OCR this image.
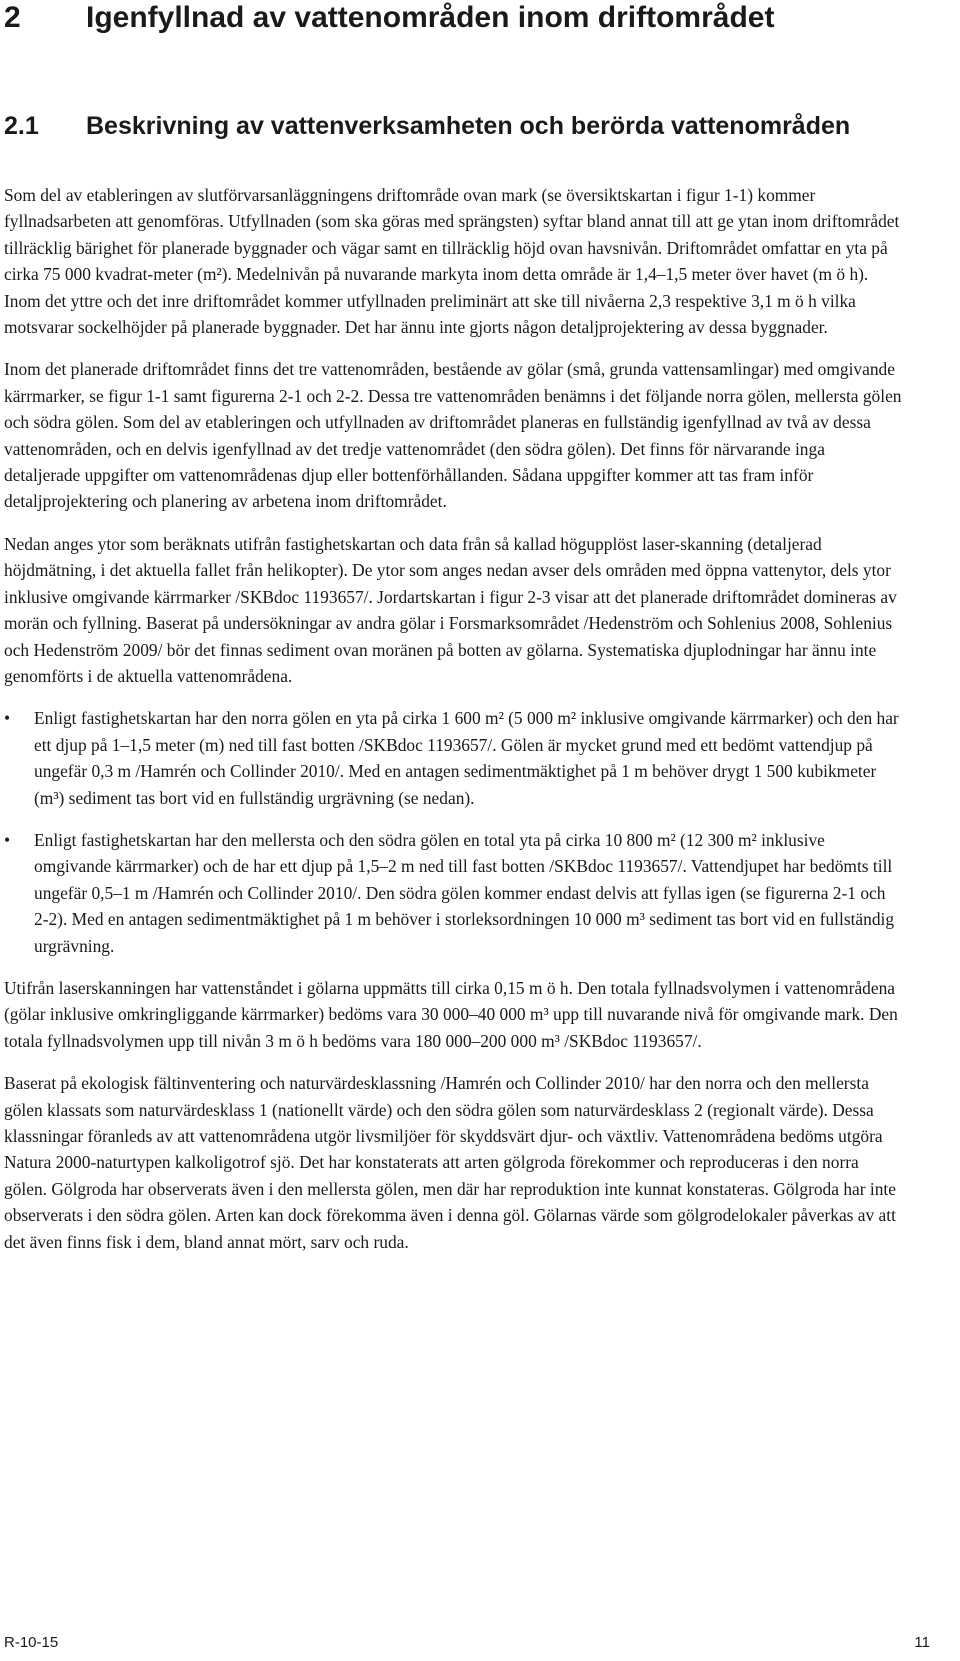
2 Igenfyllnad av vattenområden inom driftområdet
2.1	Beskrivning av vattenverksamheten och berörda vattenområden

Som del av etableringen av slutförvarsanläggningens driftområde ovan mark (se översiktskartan i figur 1-1) kommer fyllnadsarbeten att genomföras. Utfyllnaden (som ska göras med sprängsten) syftar bland annat till att ge ytan inom driftområdet tillräcklig bärighet för planerade byggnader och vägar samt en tillräcklig höjd ovan havsnivån. Driftområdet omfattar en yta på cirka 75 000 kvadrat-meter (m²). Medelnivån på nuvarande markyta inom detta område är 1,4–1,5 meter över havet (m ö h). Inom det yttre och det inre driftområdet kommer utfyllnaden preliminärt att ske till nivåerna 2,3 respektive 3,1 m ö h vilka motsvarar sockelhöjder på planerade byggnader. Det har ännu inte gjorts någon detaljprojektering av dessa byggnader.

Inom det planerade driftområdet finns det tre vattenområden, bestående av gölar (små, grunda vattensamlingar) med omgivande kärrmarker, se figur 1-1 samt figurerna 2-1 och 2-2. Dessa tre vattenområden benämns i det följande norra gölen, mellersta gölen och södra gölen. Som del av etableringen och utfyllnaden av driftområdet planeras en fullständig igenfyllnad av två av dessa vattenområden, och en delvis igenfyllnad av det tredje vattenområdet (den södra gölen). Det finns för närvarande inga detaljerade uppgifter om vattenområdenas djup eller bottenförhållanden. Sådana uppgifter kommer att tas fram inför detaljprojektering och planering av arbetena inom driftområdet.

Nedan anges ytor som beräknats utifrån fastighetskartan och data från så kallad högupplöst laser-skanning (detaljerad höjdmätning, i det aktuella fallet från helikopter). De ytor som anges nedan avser dels områden med öppna vattenytor, dels ytor inklusive omgivande kärrmarker /SKBdoc 1193657/. Jordartskartan i figur 2-3 visar att det planerade driftområdet domineras av morän och fyllning. Baserat på undersökningar av andra gölar i Forsmarksområdet /Hedenström och Sohlenius 2008, Sohlenius och Hedenström 2009/ bör det finnas sediment ovan moränen på botten av gölarna. Systematiska djuplodningar har ännu inte genomförts i de aktuella vattenområdena.

• Enligt fastighetskartan har den norra gölen en yta på cirka 1 600 m² (5 000 m² inklusive omgivande kärrmarker) och den har ett djup på 1–1,5 meter (m) ned till fast botten /SKBdoc 1193657/. Gölen är mycket grund med ett bedömt vattendjup på ungefär 0,3 m /Hamrén och Collinder 2010/. Med en antagen sedimentmäktighet på 1 m behöver drygt 1 500 kubikmeter (m³) sediment tas bort vid en fullständig urgrävning (se nedan).
• Enligt fastighetskartan har den mellersta och den södra gölen en total yta på cirka 10 800 m² (12 300 m² inklusive omgivande kärrmarker) och de har ett djup på 1,5–2 m ned till fast botten /SKBdoc 1193657/. Vattendjupet har bedömts till ungefär 0,5–1 m /Hamrén och Collinder 2010/. Den södra gölen kommer endast delvis att fyllas igen (se figurerna 2-1 och 2-2). Med en antagen sedimentmäktighet på 1 m behöver i storleksordningen 10 000 m³ sediment tas bort vid en fullständig urgrävning.

Utifrån laserskanningen har vattenståndet i gölarna uppmätts till cirka 0,15 m ö h. Den totala fyllnadsvolymen i vattenområdena (gölar inklusive omkringliggande kärrmarker) bedöms vara 30 000–40 000 m³ upp till nuvarande nivå för omgivande mark. Den totala fyllnadsvolymen upp till nivån 3 m ö h bedöms vara 180 000–200 000 m³ /SKBdoc 1193657/.

Baserat på ekologisk fältinventering och naturvärdesklassning /Hamrén och Collinder 2010/ har den norra och den mellersta gölen klassats som naturvärdesklass 1 (nationellt värde) och den södra gölen som naturvärdesklass 2 (regionalt värde). Dessa klassningar föranleds av att vattenområdena utgör livsmiljöer för skyddsvärt djur- och växtliv. Vattenområdena bedöms utgöra Natura 2000-naturtypen kalkoligotrof sjö. Det har konstaterats att arten gölgroda förekommer och reproduceras i den norra gölen. Gölgroda har observerats även i den mellersta gölen, men där har reproduktion inte kunnat konstateras. Gölgroda har inte observerats i den södra gölen. Arten kan dock förekomma även i denna göl. Gölarnas värde som gölgrodelokaler påverkas av att det även finns fisk i dem, bland annat mört, sarv och ruda.

R-10-15	11
